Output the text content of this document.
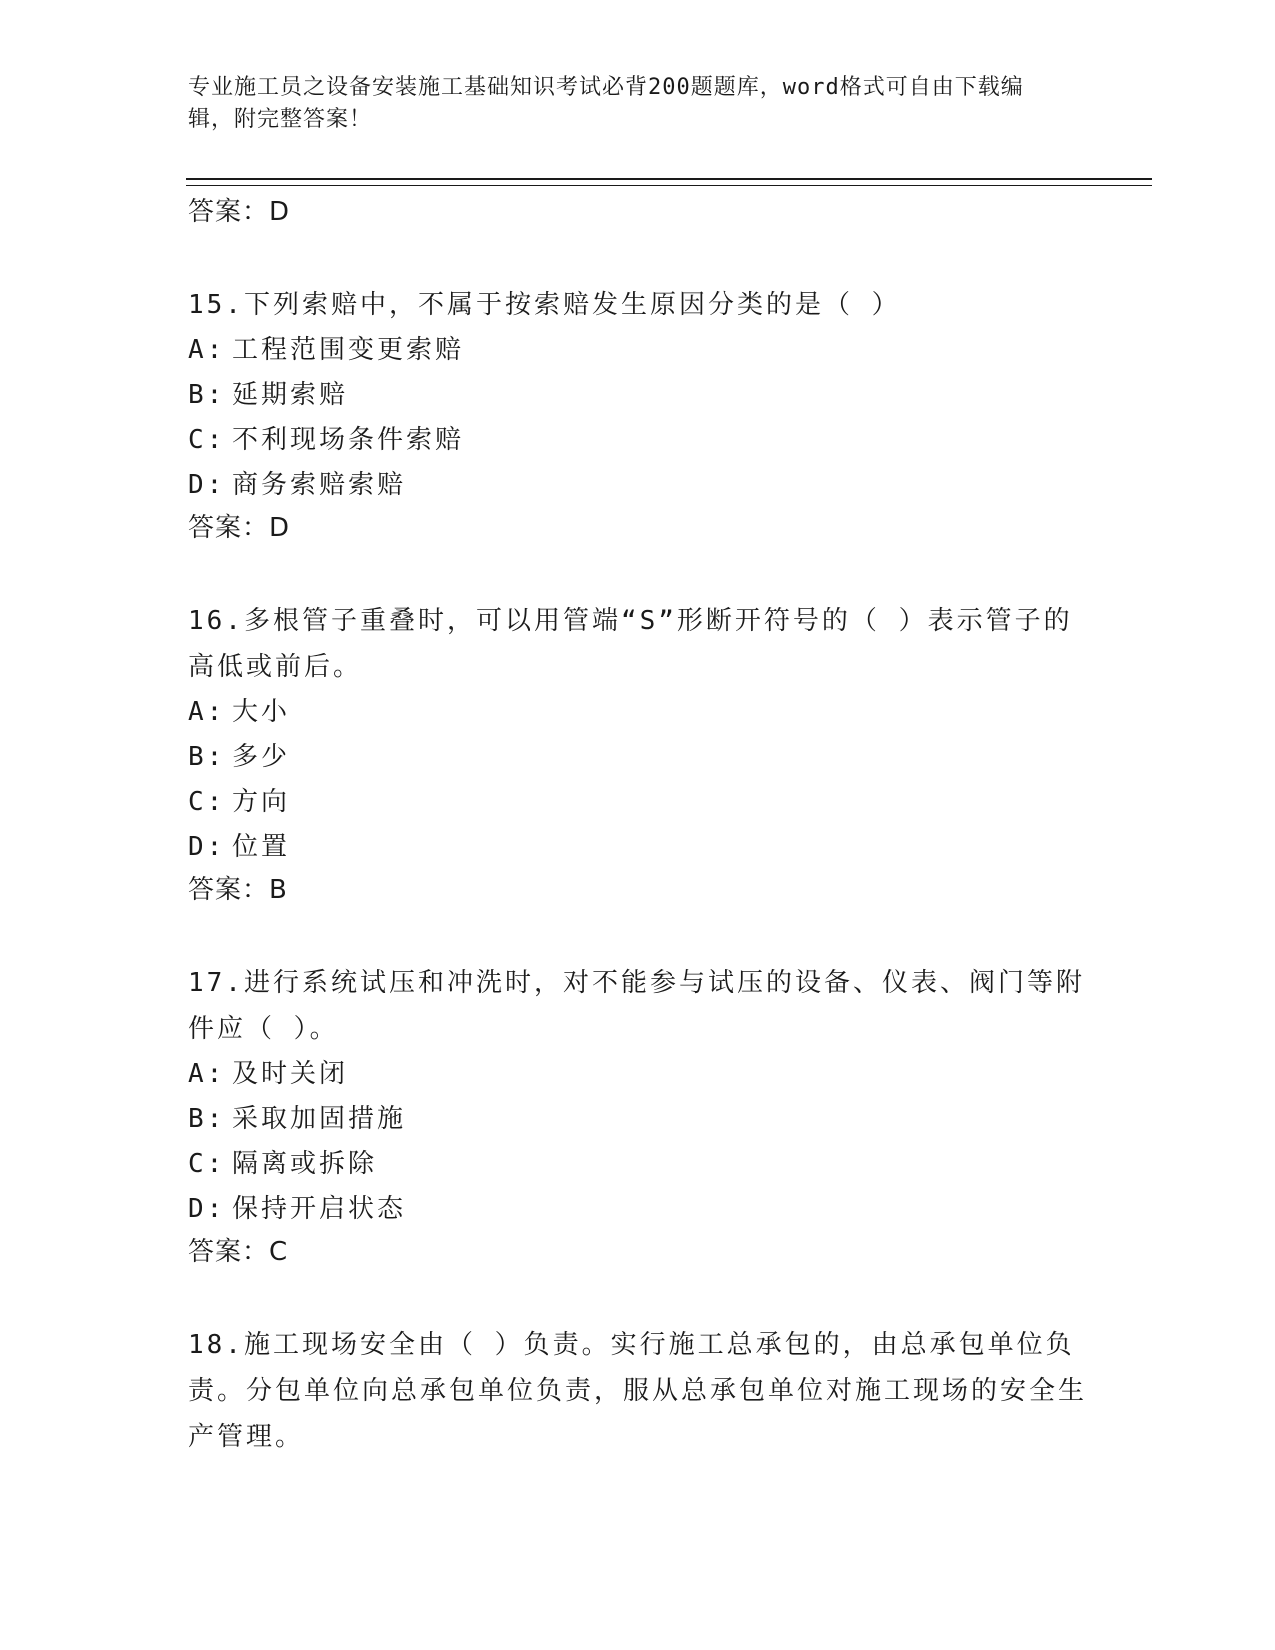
专业施工员之设备安装施工基础知识考试必背200题题库，word格式可自由下载编辑，附完整答案！
答案：D

15.下列索赔中，不属于按索赔发生原因分类的是（ ）

A: 工程范围变更索赔
B: 延期索赔
C: 不利现场条件索赔
D: 商务索赔索赔
答案：D

16.多根管子重叠时，可以用管端“S”形断开符号的（ ）表示管子的高低或前后。

A: 大小
B: 多少
C: 方向
D: 位置
答案：B

17.进行系统试压和冲洗时，对不能参与试压的设备、仪表、阀门等附件应（ ）。

A: 及时关闭
B: 采取加固措施
C: 隔离或拆除
D: 保持开启状态
答案：C

18.施工现场安全由（ ）负责。实行施工总承包的，由总承包单位负责。分包单位向总承包单位负责，服从总承包单位对施工现场的安全生产管理。
